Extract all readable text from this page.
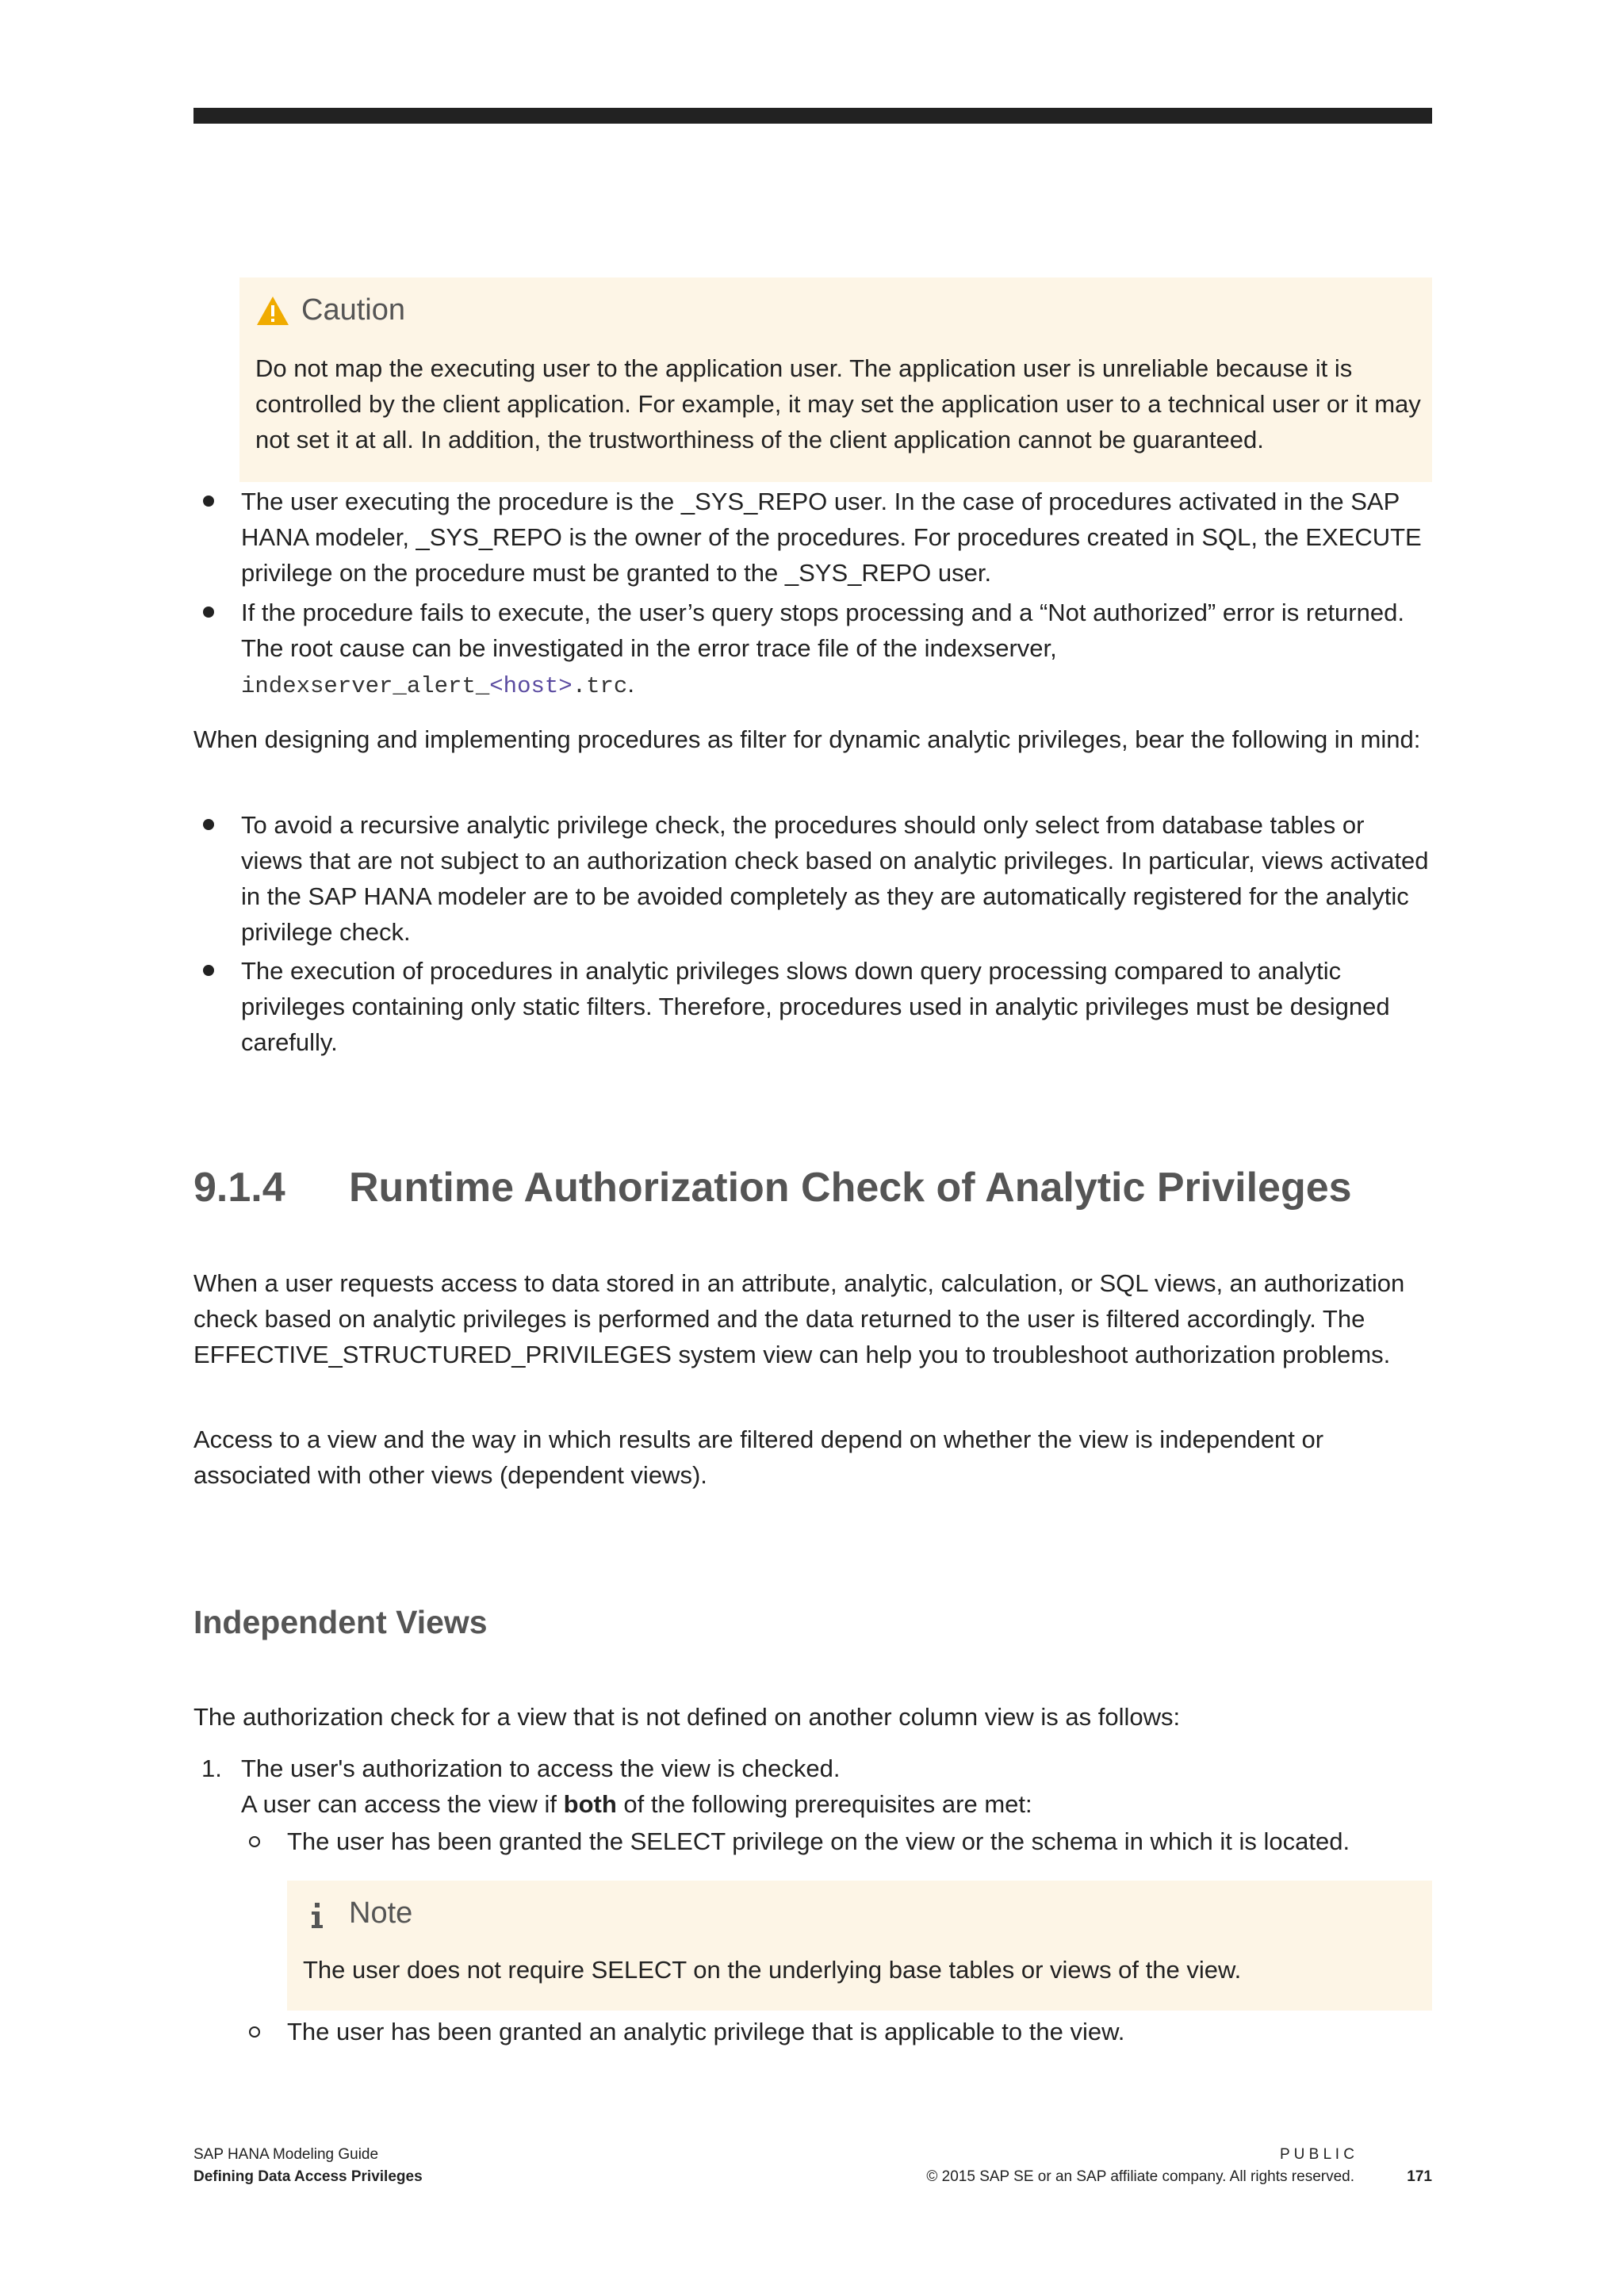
Caution

Do not map the executing user to the application user. The application user is unreliable because it is controlled by the client application. For example, it may set the application user to a technical user or it may not set it at all. In addition, the trustworthiness of the client application cannot be guaranteed.

The user executing the procedure is the _SYS_REPO user. In the case of procedures activated in the SAP HANA modeler, _SYS_REPO is the owner of the procedures. For procedures created in SQL, the EXECUTE privilege on the procedure must be granted to the _SYS_REPO user.

If the procedure fails to execute, the user’s query stops processing and a “Not authorized” error is returned. The root cause can be investigated in the error trace file of the indexserver,
indexserver_alert_<host>.trc.

When designing and implementing procedures as filter for dynamic analytic privileges, bear the following in mind:

To avoid a recursive analytic privilege check, the procedures should only select from database tables or views that are not subject to an authorization check based on analytic privileges. In particular, views activated in the SAP HANA modeler are to be avoided completely as they are automatically registered for the analytic privilege check.

The execution of procedures in analytic privileges slows down query processing compared to analytic privileges containing only static filters. Therefore, procedures used in analytic privileges must be designed carefully.

9.1.4 Runtime Authorization Check of Analytic Privileges

When a user requests access to data stored in an attribute, analytic, calculation, or SQL views, an authorization check based on analytic privileges is performed and the data returned to the user is filtered accordingly. The EFFECTIVE_STRUCTURED_PRIVILEGES system view can help you to troubleshoot authorization problems.

Access to a view and the way in which results are filtered depend on whether the view is independent or associated with other views (dependent views).

Independent Views

The authorization check for a view that is not defined on another column view is as follows:

1. The user's authorization to access the view is checked.
A user can access the view if both of the following prerequisites are met:

The user has been granted the SELECT privilege on the view or the schema in which it is located.

Note

The user does not require SELECT on the underlying base tables or views of the view.

The user has been granted an analytic privilege that is applicable to the view.

SAP HANA Modeling Guide
Defining Data Access Privileges
P U B L I C
© 2015 SAP SE or an SAP affiliate company. All rights reserved.	171
